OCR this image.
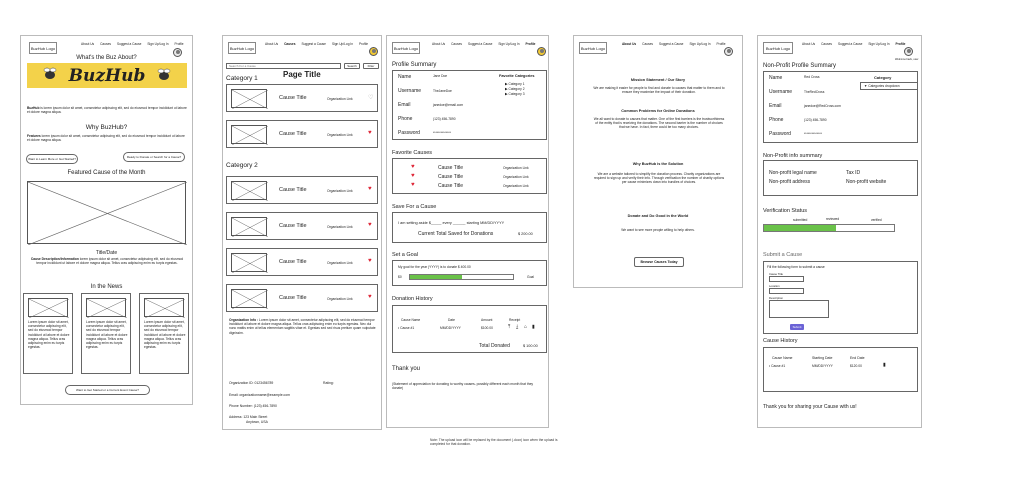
BuzHub Logo
About Us Causes Suggest a Cause Sign Up/Log In Profile
What's the Buz About?
BuzHub
BuzHub is lorem ipsum dolor sit amet, consectetur adipiscing elit, sed do eiusmod tempor incididunt ut labore et dolore magna aliqua.
Why BuzHub?
Features lorem ipsum dolor sit amet, consectetur adipiscing elit, sed do eiusmod tempor incididunt ut labore et dolore magna aliqua.
Want to Learn More or Get Started?	Ready to Donate or Search for a Cause?
Featured Cause of the Month
Title/Date
Cause Description/Information lorem ipsum dolor sit amet, consectetur adipiscing elit, sed do eiusmod tempor incididunt ut labore et dolore magna aliqua. Tellus cras adipiscing enim eu turpis egestas.
In the News
Lorem ipsum dolor sit amet, consectetur adipiscing elit, sed do eiusmod tempor incididunt ut labore et dolore magna aliqua. Tellus cras adipiscing enim eu turpis egestas.
Lorem ipsum dolor sit amet, consectetur adipiscing elit, sed do eiusmod tempor incididunt ut labore et dolore magna aliqua. Tellus cras adipiscing enim eu turpis egestas.
Lorem ipsum dolor sit amet, consectetur adipiscing elit, sed do eiusmod tempor incididunt ut labore et dolore magna aliqua. Tellus cras adipiscing enim eu turpis egestas.
Want to Get Started or a Current Event Cause?
BuzHub Logo
About Us Causes Suggest a Cause Sign Up/Log In Profile
Search For a Cause	Search	Filter
Category 1	Page Title
Category 2
Organization Info : Lorem ipsum dolor sit amet, consectetur adipiscing elit, sed do eiusmod tempor incididunt ut labore et dolore magna aliqua. Tellus cras adipiscing enim eu turpis egestas. Nec dui nunc mattis enim ut tellus elementum sagittis vitae et. Egestas sed sed risus pretium quam vulputate dignissim.
Organization ID: 0123456789	Rating:
Email: organizationname@example.com
Phone Number: (123) 456-7890
Address: 123 Main Street
Anytown, USA
Cause Title	Organization Link	♡
Cause Title	Organization Link	♥
Cause Title	Organization Link	♥
Cause Title	Organization Link	♥
Cause Title	Organization Link	♥
Cause Title	Organization Link	♥
BuzHub Logo
About Us Causes Suggest a Cause Sign Up/Log In Profile
Profile Summary
Name	Jane Doe
Username	TheJaneDoe
Email	janedoe@email.com
Phone	(123) 456-7890
Password	**************
Favorite Categories
▶ Category 1
▶ Category 2
▶ Category 3
Favorite Causes
♥	Cause Title	Organization Link
♥	Cause Title	Organization Link
♥	Cause Title	Organization Link
Save For a Cause
I am setting aside $_____ every ______ starting MM/DD/YYYY
Current Total Saved for Donations	$ 200.00
Set a Goal
My goal for the year (YYYY) is to donate $ 400.00
$0	Goal
Donation History
Cause Name	Date	Amount	Receipt
• Cause #1	MM/DD/YYYY	$100.00	⤒ ⤓ ⌂ ▮
Total Donated	$ 100.00
Thank you
(Statement of appreciation for donating to worthy causes- possibly different each month that they donate)
Note: The upload icon will be replaced by the document (.docx) icon when the upload is completed for that donation.
BuzHub Logo
About Us Causes Suggest a Cause Sign Up/Log In Profile
Mission Statement / Our Story
We are making it easier for people to find and donate to causes that matter to them and to ensure they maximize the impact of their donation.
Common Problems for Online Donations
We all want to donate to causes that matter. One of the first barriers is the trustworthiness of the entity that is receiving the donations. The second barrier is the number of choices that we have. In fact, there could be too many choices.
Why BuzHub is the Solution
We are a website tailored to simplify the donation process. Charity organizations are required to sign up and verify their info. Through verification the number of charity options per cause minimizes down into bundles of choices.
Donate and Do Good in the World
We want to see more people willing to help others.
Browse Causes Today
BuzHub Logo
About Us Causes Suggest a Cause Sign Up/Log In Profile
Welcome back, user
Non-Profit Profile Summary
Name	Red Cross
Username	TheRedCross
Email	janedoe@RedCross.com
Phone	(123) 456-7890
Password	**************
Category
▼ Categories dropdown
Non-Profit info summary
Non-profit legal name	Tax ID
Non-profit address	Non-profit website
Verification Status
submitted	reviewed	verified
Submit a Cause
Fill the following form to submit a cause
Cause Title
Location
Description
Submit
Cause History
Cause Name	Starting Date	End Date
• Cause #1	MM/DD/YYYY	$120.00	▮
Thank you for sharing your Cause with us!
